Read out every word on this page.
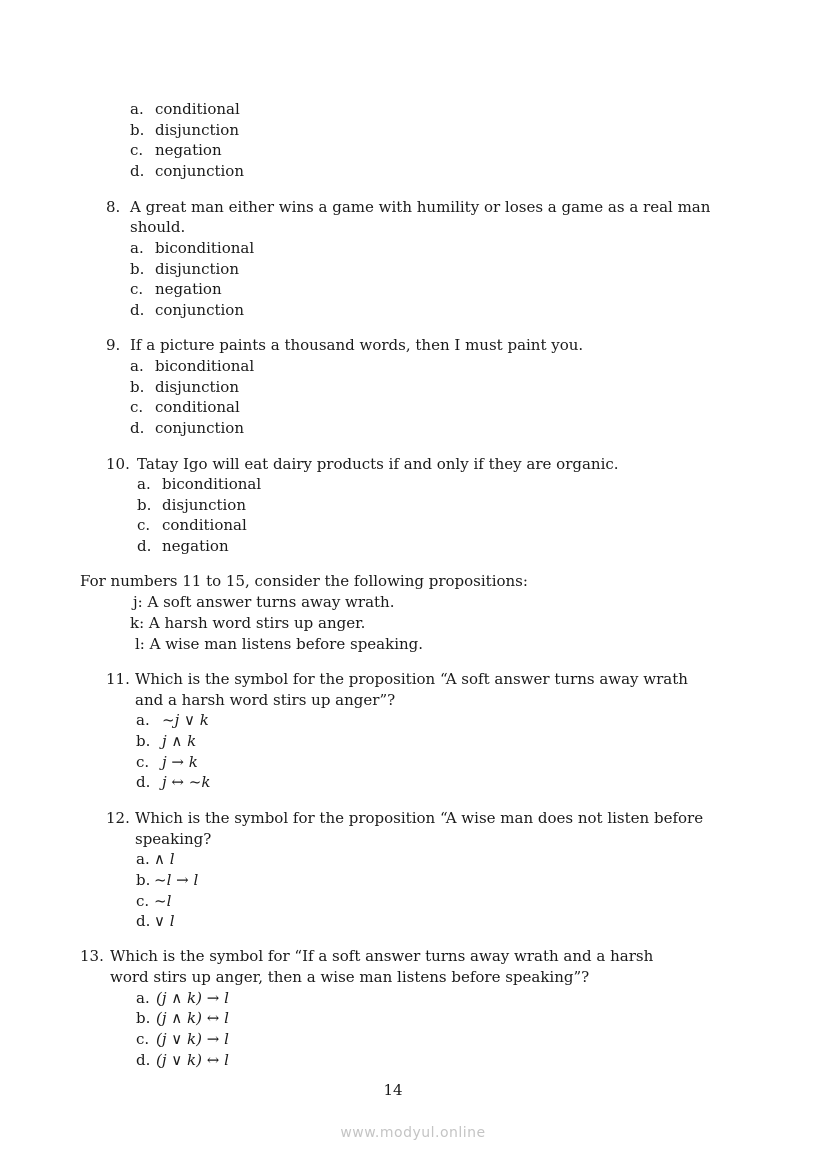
a. conditional
b. disjunction
c. negation
d. conjunction
8. A great man either wins a game with humility or loses a game as a real man
should.
a. biconditional
b. disjunction
c. negation
d. conjunction
9. If a picture paints a thousand words, then I must paint you.
a. biconditional
b. disjunction
c. conditional
d. conjunction
10. Tatay Igo will eat dairy products if and only if they are organic.
a. biconditional
b. disjunction
c. conditional
d. negation
For numbers 11 to 15, consider the following propositions:
j: A soft answer turns away wrath.
k: A harsh word stirs up anger.
l: A wise man listens before speaking.
11. Which is the symbol for the proposition “A soft answer turns away wrath
and a harsh word stirs up anger”?
a. ~j ∨ k
b. j ∧ k
c. j → k
d. j ↔ ~k
12. Which is the symbol for the proposition “A wise man does not listen before
speaking?
a. ∧ l
b. ~l → l
c. ~l
d. ∨ l
13. Which is the symbol for “If a soft answer turns away wrath and a harsh
word stirs up anger, then a wise man listens before speaking”?
a. (j ∧ k) → l
b. (j ∧ k) ↔ l
c. (j ∨ k) → l
d. (j ∨ k) ↔ l
14
www.modyul.online
